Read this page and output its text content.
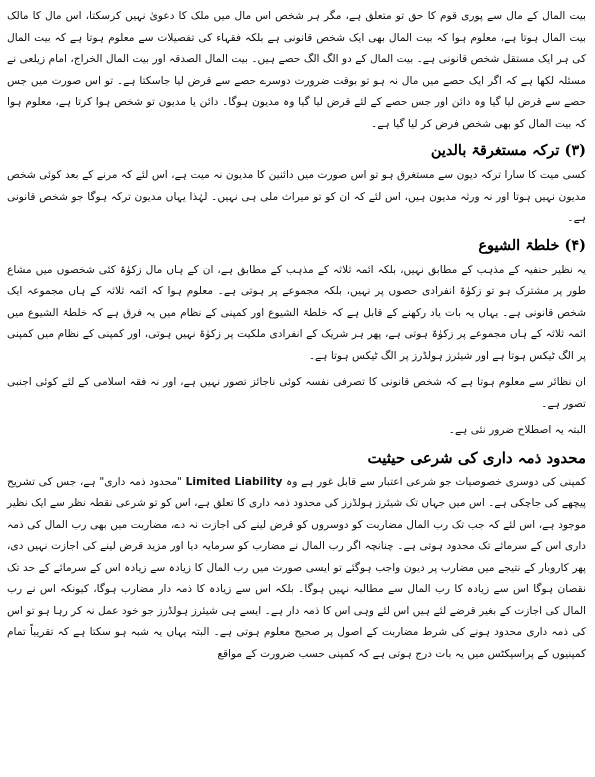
بیت المال کے مال سے پوری قوم کا حق تو متعلق ہے، مگر ہر شخص اس مال میں ملک کا دعویٰ نہیں کرسکتا، اس مال کا مالک بیت المال ہوتا ہے، معلوم ہوا کہ بیت المال بھی ایک شخص قانونی ہے بلکہ فقہاء کی تفصیلات سے معلوم ہوتا ہے کہ بیت المال کی ہر ایک مستقل شخص قانونی ہے۔ بیت المال کے دو الگ الگ حصے ہیں۔ بیت المال الصدقہ اور بیت المال الخراج، امام زیلعی نے مسئلہ لکھا ہے کہ اگر ایک حصے میں مال نہ ہو تو بوقت ضرورت دوسرے حصے سے قرض لیا جاسکتا ہے۔ تو اس صورت میں جس حصے سے قرض لیا گیا وہ دائن اور جس حصے کے لئے قرض لیا گیا وہ مدیون ہوگا۔ دائن یا مدیون تو شخص ہوا کرتا ہے، معلوم ہوا کہ بیت المال کو بھی شخص فرض کر لیا گیا ہے۔

(۳) ترکہ مستغرقۃ بالدین

کسی میت کا سارا ترکہ دیون سے مستغرق ہو تو اس صورت میں دائنین کا مدیون نہ میت ہے، اس لئے کہ مرنے کے بعد کوئی شخص مدیون نہیں ہوتا اور نہ ورثہ مدیون ہیں، اس لئے کہ ان کو تو میراث ملی ہی نہیں۔ لہٰذا یہاں مدیون ترکہ ہوگا جو شخص قانونی ہے۔

(۴) خلطۃ الشیوع

یہ نظیر حنفیہ کے مذہب کے مطابق نہیں، بلکہ ائمہ ثلاثہ کے مذہب کے مطابق ہے، ان کے ہاں مال زکوٰۃ کئی شخصوں میں مشاع طور پر مشترک ہو تو زکوٰۃ انفرادی حصوں پر نہیں، بلکہ مجموعے پر ہوتی ہے۔ معلوم ہوا کہ ائمہ ثلاثہ کے ہاں مجموعہ ایک شخص قانونی ہے۔ یہاں یہ بات یاد رکھنے کے قابل ہے کہ خلطۃ الشیوع اور کمپنی کے نظام میں یہ فرق ہے کہ خلطۃ الشیوع میں ائمہ ثلاثہ کے ہاں مجموعے پر زکوٰۃ ہوتی ہے، پھر ہر شریک کے انفرادی ملکیت پر زکوٰۃ نہیں ہوتی، اور کمپنی کے نظام میں کمپنی پر الگ ٹیکس ہوتا ہے اور شیئرز ہولڈرز پر الگ ٹیکس ہوتا ہے۔

ان نظائر سے معلوم ہوتا ہے کہ شخص قانونی کا تصرفی نفسہ کوئی ناجائز تصور نہیں ہے، اور نہ فقہ اسلامی کے لئے کوئی اجنبی تصور ہے۔

البتہ یہ اصطلاح ضرور نئی ہے۔

محدود ذمہ داری کی شرعی حیثیت

کمپنی کی دوسری خصوصیات جو شرعی اعتبار سے قابل غور ہے وہ Limited Liability "محدود ذمہ داری" ہے، جس کی تشریح پیچھے کی جاچکی ہے۔ اس میں جہاں تک شیئرز ہولڈرز کی محدود ذمہ داری کا تعلق ہے، اس کو تو شرعی نقطہ نظر سے ایک نظیر موجود ہے، اس لئے کہ جب تک رب المال مضاربت کو دوسروں کو قرض لینے کی اجازت نہ دے، مضاربت میں بھی رب المال کی ذمہ داری اس کے سرمائے تک محدود ہوتی ہے۔ چنانچہ اگر رب المال نے مضارب کو سرمایہ دیا اور مزید قرض لینے کی اجازت نہیں دی، پھر کاروبار کے نتیجے میں مضارب پر دیون واجب ہوگئے تو ایسی صورت میں رب المال کا زیادہ سے زیادہ اس کے سرمائے کے حد تک نقصان ہوگا اس سے زیادہ کا رب المال سے مطالبہ نہیں ہوگا۔ بلکہ اس سے زیادہ کا ذمہ دار مضارب ہوگا، کیونکہ اس نے رب المال کی اجازت کے بغیر قرضے لئے ہیں اس لئے وہی اس کا ذمہ دار ہے۔ ایسے ہی شیئرز ہولڈرز جو خود عمل نہ کر رہا ہو تو اس کی ذمہ داری محدود ہونے کی شرط مضاربت کے اصول پر صحیح معلوم ہوتی ہے۔ البتہ یہاں یہ شبہ ہو سکتا ہے کہ تقریباً تمام کمپنیوں کے پراسپکٹس میں یہ بات درج ہوتی ہے کہ کمپنی حسب ضرورت کے مواقع
